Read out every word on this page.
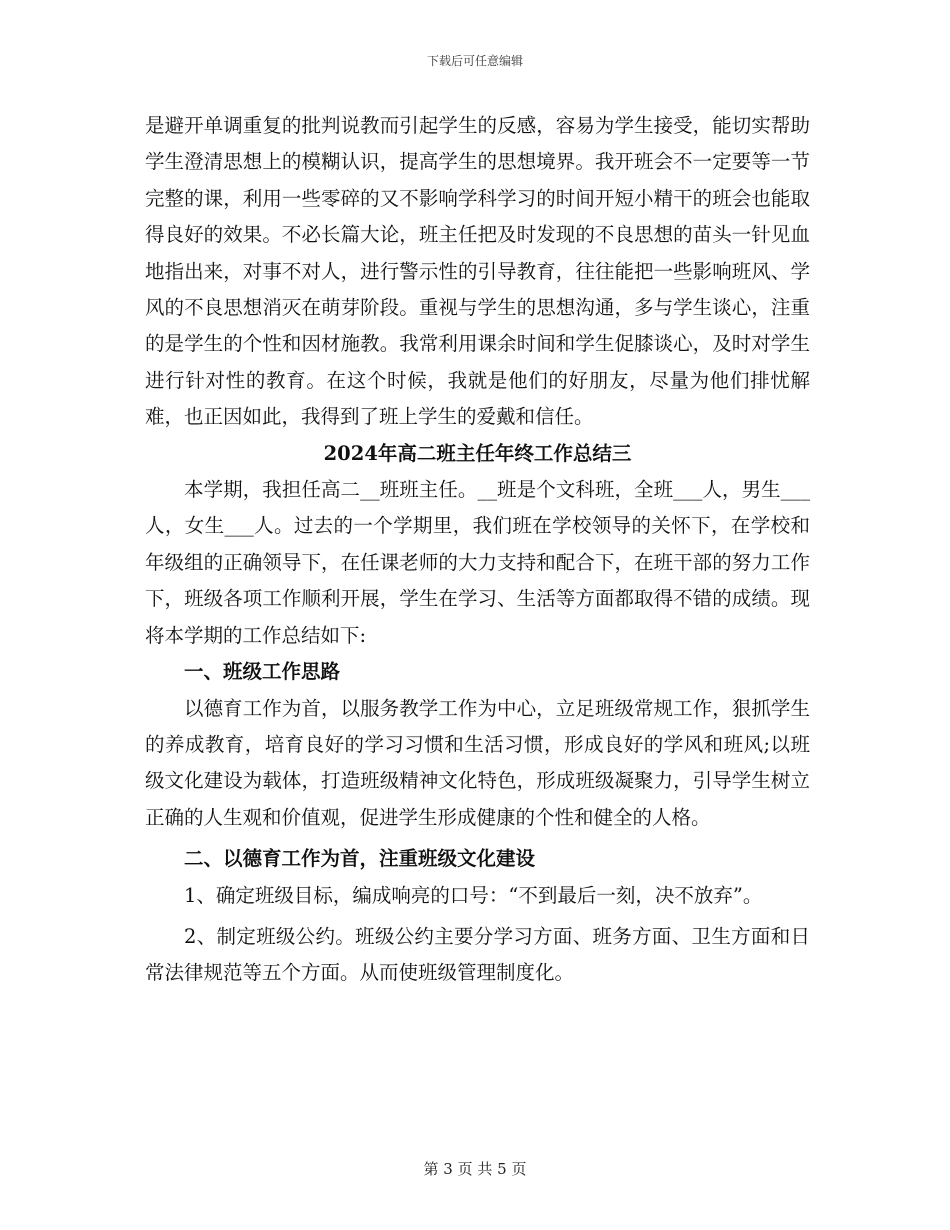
下载后可任意编辑

是避开单调重复的批判说教而引起学生的反感，容易为学生接受，能切实帮助学生澄清思想上的模糊认识，提高学生的思想境界。我开班会不一定要等一节完整的课，利用一些零碎的又不影响学科学习的时间开短小精干的班会也能取得良好的效果。不必长篇大论，班主任把及时发现的不良思想的苗头一针见血地指出来，对事不对人，进行警示性的引导教育，往往能把一些影响班风、学风的不良思想消灭在萌芽阶段。重视与学生的思想沟通，多与学生谈心，注重的是学生的个性和因材施教。我常利用课余时间和学生促膝谈心，及时对学生进行针对性的教育。在这个时候，我就是他们的好朋友，尽量为他们排忧解难，也正因如此，我得到了班上学生的爱戴和信任。

2024年高二班主任年终工作总结三

本学期，我担任高二__班班主任。__班是个文科班，全班___人，男生___人，女生___人。过去的一个学期里，我们班在学校领导的关怀下，在学校和年级组的正确领导下，在任课老师的大力支持和配合下，在班干部的努力工作下，班级各项工作顺利开展，学生在学习、生活等方面都取得不错的成绩。现将本学期的工作总结如下:

一、班级工作思路

以德育工作为首，以服务教学工作为中心，立足班级常规工作，狠抓学生的养成教育，培育良好的学习习惯和生活习惯，形成良好的学风和班风;以班级文化建设为载体，打造班级精神文化特色，形成班级凝聚力，引导学生树立正确的人生观和价值观，促进学生形成健康的个性和健全的人格。

二、以德育工作为首，注重班级文化建设

1、确定班级目标，编成响亮的口号：“不到最后一刻，决不放弃”。

2、制定班级公约。班级公约主要分学习方面、班务方面、卫生方面和日常法律规范等五个方面。从而使班级管理制度化。

第 3 页 共 5 页
